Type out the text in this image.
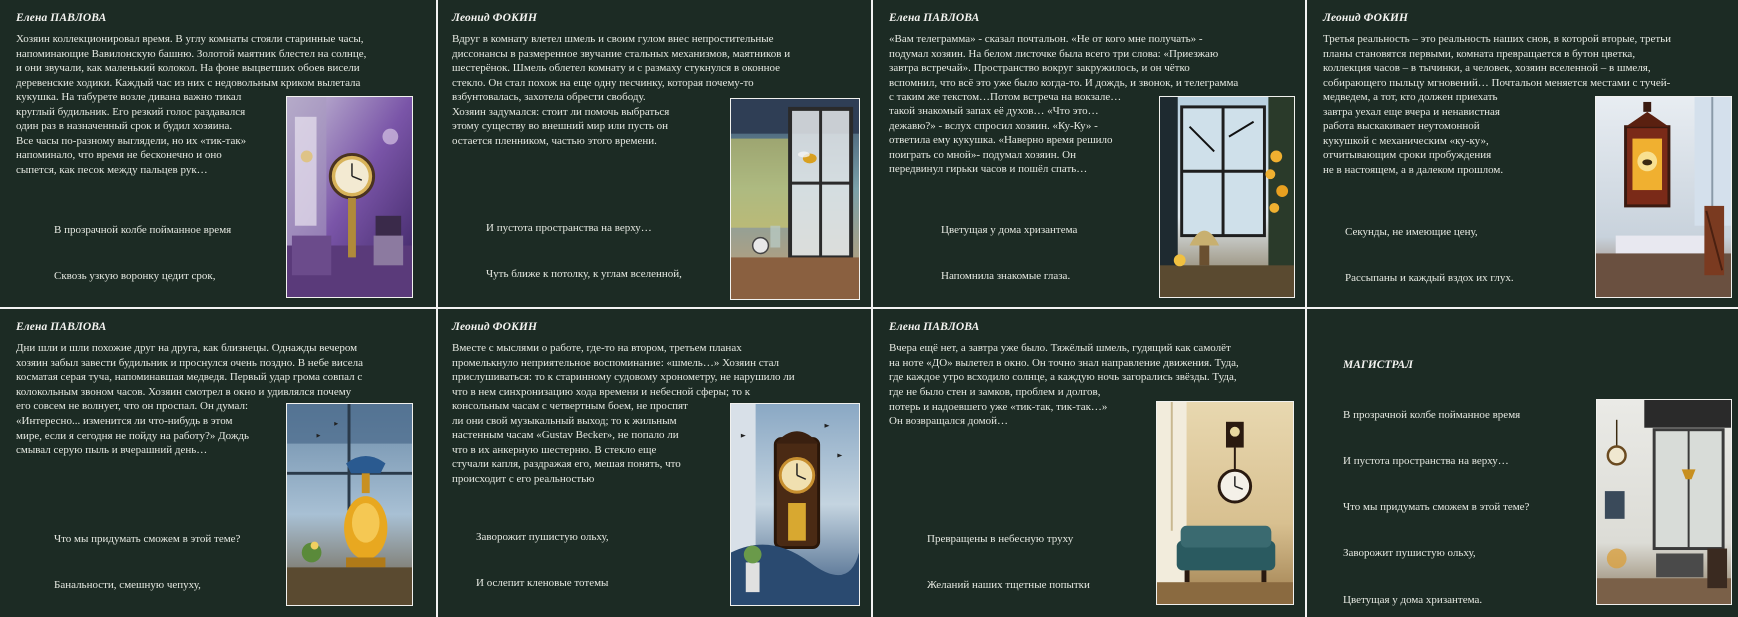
Елена ПАВЛОВА
Хозяин коллекционировал время. В углу комнаты стояли старинные часы,
напоминающие Вавилонскую башню. Золотой маятник блестел на солнце,
и они звучали, как маленький колокол. На фоне выцветших обоев висели
деревенские ходики. Каждый час из них с недовольным криком вылетала
кукушка. На табурете возле дивана важно тикал
круглый будильник. Его резкий голос раздавался
один раз в назначенный срок и будил хозяина.
Все часы по-разному выглядели, но их «тик-так»
напоминало, что время не бесконечно и оно
сыпется, как песок между пальцев рук…

В прозрачной колбе пойманное время

Сквозь узкую воронку цедит срок,

Леонид ФОКИН
Вдруг в комнату влетел шмель и своим гулом внес непростительные
диссонансы в размеренное звучание стальных механизмов, маятников и
шестерёнок. Шмель облетел комнату и с размаху стукнулся в оконное
стекло. Он стал похож на еще одну песчинку, которая почему-то
взбунтовалась, захотела обрести свободу.
Хозяин задумался: стоит ли помочь выбраться
этому существу во внешний мир или пусть он
остается пленником, частью этого времени.

И пустота пространства на верху…

Чуть ближе к потолку, к углам вселенной,

Елена ПАВЛОВА
«Вам телеграмма» - сказал почтальон. «Не от кого мне получать» -
подумал хозяин. На белом листочке была всего три слова: «Приезжаю
завтра встречай». Пространство вокруг закружилось, и он чётко
вспомнил, что всё это уже было когда-то. И дождь, и звонок, и телеграмма
с таким же текстом…Потом встреча на вокзале…
такой знакомый запах её духов… «Что это…
дежавю?» - вслух спросил хозяин. «Ку-Ку» -
ответила ему кукушка. «Наверно время решило
поиграть со мной»- подумал хозяин. Он
передвинул гирьки часов и пошёл спать…

Цветущая у дома хризантема

Напомнила знакомые глаза.

Леонид ФОКИН
Третья реальность – это реальность наших снов, в которой вторые, третьи
планы становятся первыми, комната превращается в бутон цветка,
коллекция часов – в тычинки, а человек, хозяин вселенной – в шмеля,
собирающего пыльцу мгновений… Почтальон меняется местами с тучей-
медведем, а тот, кто должен приехать
завтра уехал еще вчера и ненавистная
работа выскакивает неутомонной
кукушкой с механическим «ку-ку»,
отчитывающим сроки пробуждения
не в настоящем, а в далеком прошлом.

Секунды, не имеющие цену,

Рассыпаны и каждый вздох их глух.

Елена ПАВЛОВА
Дни шли и шли похожие друг на друга, как близнецы. Однажды вечером
хозяин забыл завести будильник и проснулся очень поздно. В небе висела
косматая серая туча, напоминавшая медведя. Первый удар грома совпал с
колокольным звоном часов. Хозяин смотрел в окно и удивлялся почему
его совсем не волнует, что он проспал. Он думал:
«Интересно... изменится ли что-нибудь в этом
мире, если я сегодня не пойду на работу?» Дождь
смывал серую пыль и вчерашний день…

Что мы придумать сможем в этой теме?

Банальности, смешную чепуху,

Леонид ФОКИН
Вместе с мыслями о работе, где-то на втором, третьем планах
промелькнуло неприятельное воспоминание: «шмель…» Хозяин стал
прислушиваться: то к старинному судовому хронометру, не нарушило ли
что в нем синхронизацию хода времени и небесной сферы; то к
консольным часам с четвертным боем, не проспят
ли они свой музыкальный выход; то к жильным
настенным часам «Gustav Becker», не попало ли
что в их анкерную шестерню. В стекло еще
стучали капля, раздражая его, мешая понять, что
происходит с его реальностью

Заворожит пушистую ольху,

И ослепит кленовые тотемы

Елена ПАВЛОВА
Вчера ещё нет, а завтра уже было. Тяжёлый шмель, гудящий как самолёт
на ноте «ДО» вылетел в окно. Он точно знал направление движения. Туда,
где каждое утро всходило солнце, а каждую ночь загорались звёзды. Туда,
где не было стен и замков, проблем и долгов,
потерь и надоевшего уже «тик-так, тик-так…»
Он возвращался домой…

Превращены в небесную труху

Желаний наших тщетные попытки

МАГИСТРАЛ

В прозрачной колбе пойманное время

И пустота пространства на верху…

Что мы придумать сможем в этой теме?

Заворожит пушистую ольху,

Цветущая у дома хризантема.
